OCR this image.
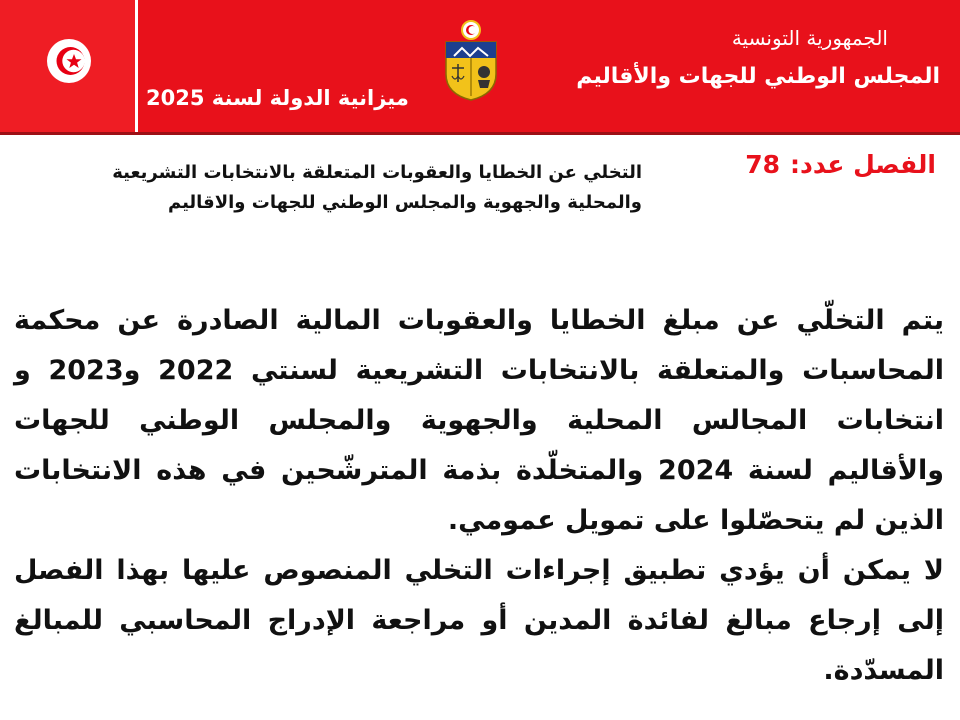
الجمهورية التونسية
المجلس الوطني للجهات والأقاليم
ميزانية الدولة لسنة 2025
الفصل عدد:
78
التخلي عن الخطايا والعقوبات المتعلقة بالانتخابات التشريعية
والمحلية والجهوية والمجلس الوطني للجهات والاقاليم

يتم التخلّي عن مبلغ الخطايا والعقوبات المالية الصادرة عن محكمة المحاسبات والمتعلقة بالانتخابات التشريعية لسنتي 2022 و2023 و انتخابات المجالس المحلية والجهوية والمجلس الوطني للجهات والأقاليم لسنة 2024 والمتخلّدة بذمة المترشّحين في هذه الانتخابات الذين لم يتحصّلوا على تمويل عمومي.

لا يمكن أن يؤدي تطبيق إجراءات التخلي المنصوص عليها بهذا الفصل إلى إرجاع مبالغ لفائدة المدين أو مراجعة الإدراج المحاسبي للمبالغ المسدّدة.
